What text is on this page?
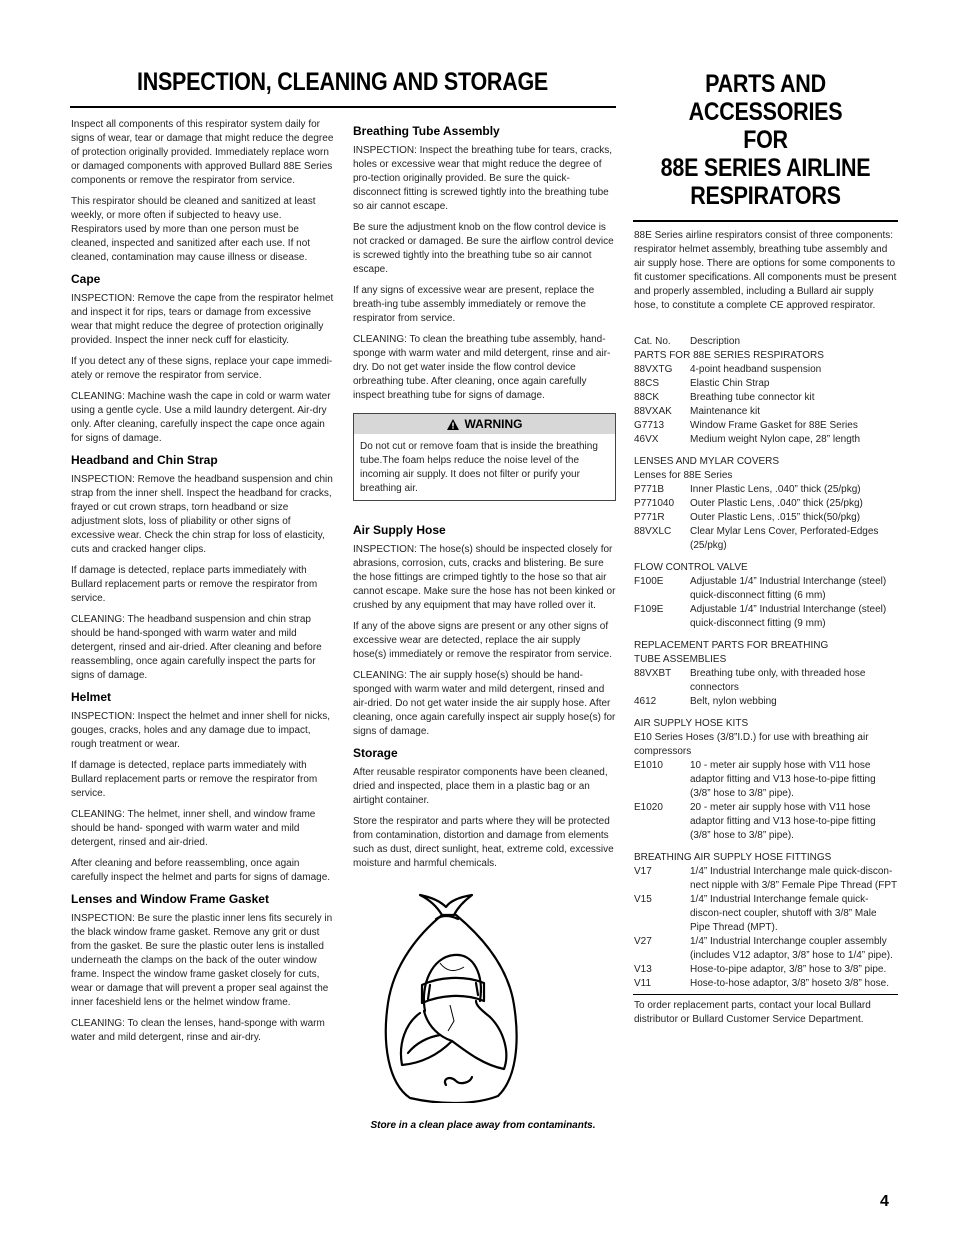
INSPECTION, CLEANING AND STORAGE	PARTS AND ACCESSORIES
FOR
88E SERIES AIRLINE
RESPIRATORS

Inspect all components of this respirator system daily for signs of wear, tear or damage that might reduce the degree of protection originally provided. Immediately replace worn or damaged components with approved Bullard 88E Series components or remove the respirator from service.

This respirator should be cleaned and sanitized at least weekly, or more often if subjected to heavy use. Respirators used by more than one person must be cleaned, inspected and sanitized after each use. If not cleaned, contamination may cause illness or disease.

Cape

INSPECTION: Remove the cape from the respirator helmet and inspect it for rips, tears or damage from excessive wear that might reduce the degree of protection originally provided. Inspect the inner neck cuff for elasticity.

If you detect any of these signs, replace your cape immedi-ately or remove the respirator from service.

CLEANING: Machine wash the cape in cold or warm water using a gentle cycle. Use a mild laundry detergent. Air-dry only. After cleaning, carefully inspect the cape once again for signs of damage.

Headband and Chin Strap

INSPECTION: Remove the headband suspension and chin strap from the inner shell. Inspect the headband for cracks, frayed or cut crown straps, torn headband or size adjustment slots, loss of pliability or other signs of excessive wear. Check the chin strap for loss of elasticity, cuts and cracked hanger clips.

If damage is detected, replace parts immediately with Bullard replacement parts or remove the respirator from service.

CLEANING: The headband suspension and chin strap should be hand-sponged with warm water and mild detergent, rinsed and air-dried. After cleaning and before reassembling, once again carefully inspect the parts for signs of damage.

Helmet

INSPECTION: Inspect the helmet and inner shell for nicks, gouges, cracks, holes and any damage due to impact, rough treatment or wear.

If damage is detected, replace parts immediately with Bullard replacement parts or remove the respirator from service.

CLEANING: The helmet, inner shell, and window frame should be hand- sponged with warm water and mild detergent, rinsed and air-dried.

After cleaning and before reassembling, once again carefully inspect the helmet and parts for signs of damage.

Lenses and Window Frame Gasket

INSPECTION: Be sure the plastic inner lens fits securely in the black window frame gasket. Remove any grit or dust from the gasket. Be sure the plastic outer lens is installed underneath the clamps on the back of the outer window frame. Inspect the window frame gasket closely for cuts, wear or damage that will prevent a proper seal against the inner faceshield lens or the helmet window frame.

CLEANING: To clean the lenses, hand-sponge with warm water and mild detergent, rinse and air-dry.

Breathing Tube Assembly

INSPECTION: Inspect the breathing tube for tears, cracks, holes or excessive wear that might reduce the degree of pro-tection originally provided. Be sure the quick-disconnect fitting is screwed tightly into the breathing tube so air cannot escape.

Be sure the adjustment knob on the flow control device is not cracked or damaged. Be sure the airflow control device is screwed tightly into the breathing tube so air cannot escape.

If any signs of excessive wear are present, replace the breath-ing tube assembly immediately or remove the respirator from service.

CLEANING: To clean the breathing tube assembly, hand-sponge with warm water and mild detergent, rinse and air-dry. Do not get water inside the flow control device orbreathing tube. After cleaning, once again carefully inspect breathing tube for signs of damage.

WARNING
Do not cut or remove foam that is inside the breathing tube.The foam helps reduce the noise level of the incoming air supply. It does not filter or purify your breathing air.
Air Supply Hose

INSPECTION: The hose(s) should be inspected closely for abrasions, corrosion, cuts, cracks and blistering. Be sure the hose fittings are crimped tightly to the hose so that air cannot escape. Make sure the hose has not been kinked or crushed by any equipment that may have rolled over it.

If any of the above signs are present or any other signs of excessive wear are detected, replace the air supply hose(s) immediately or remove the respirator from service.

CLEANING: The air supply hose(s) should be hand-sponged with warm water and mild detergent, rinsed and air-dried. Do not get water inside the air supply hose. After cleaning, once again carefully inspect air supply hose(s) for signs of damage.

Storage

After reusable respirator components have been cleaned, dried and inspected, place them in a plastic bag or an airtight container.

Store the respirator and parts where they will be protected from contamination, distortion and damage from elements such as dust, direct sunlight, heat, extreme cold, excessive moisture and harmful chemicals.

Store in a clean place away from contaminants.

88E Series airline respirators consist of three components: respirator helmet assembly, breathing tube assembly and air supply hose. There are options for some components to fit customer specifications. All components must be present and properly assembled, including a Bullard air supply hose, to constitute a complete CE approved respirator.

Cat. No.	Description
PARTS FOR 88E SERIES RESPIRATORS
88VXTG	4-point headband suspension
88CS	Elastic Chin Strap
88CK	Breathing tube connector kit
88VXAK	Maintenance kit
G7713	Window Frame Gasket for 88E Series
46VX	Medium weight Nylon cape, 28” length
LENSES AND MYLAR COVERS
Lenses for 88E Series
P771B	Inner Plastic Lens, .040” thick (25/pkg)
P771040	Outer Plastic Lens, .040” thick (25/pkg)
P771R	Outer Plastic Lens, .015” thick(50/pkg)
88VXLC	Clear Mylar Lens Cover, Perforated-Edges (25/pkg)
FLOW CONTROL VALVE
F100E	Adjustable 1/4” Industrial Interchange (steel) quick-disconnect fitting (6 mm)
F109E	Adjustable 1/4” Industrial Interchange (steel) quick-disconnect fitting (9 mm)
REPLACEMENT PARTS FOR BREATHING
TUBE ASSEMBLIES
88VXBT	Breathing tube only, with threaded hose connectors
4612	Belt, nylon webbing
AIR SUPPLY HOSE KITS
E10 Series Hoses (3/8”I.D.) for use with breathing air compressors
E1010	10 - meter air supply hose with V11 hose adaptor fitting and V13 hose-to-pipe fitting (3/8” hose to 3/8” pipe).
E1020	20 - meter air supply hose with V11 hose adaptor fitting and V13 hose-to-pipe fitting (3/8” hose to 3/8” pipe).
BREATHING AIR SUPPLY HOSE FITTINGS
V17	1/4” Industrial Interchange male quick-discon-nect nipple with 3/8” Female Pipe Thread (FPT
V15	1/4” Industrial Interchange female quick-discon-nect coupler, shutoff with 3/8” Male Pipe Thread (MPT).
V27	1/4” Industrial Interchange coupler assembly (includes V12 adaptor, 3/8” hose to 1/4” pipe).
V13	Hose-to-pipe adaptor, 3/8” hose to 3/8” pipe.
V11	Hose-to-hose adaptor, 3/8” hoseto 3/8” hose.
To order replacement parts, contact your local Bullard distributor or Bullard Customer Service Department.
4
